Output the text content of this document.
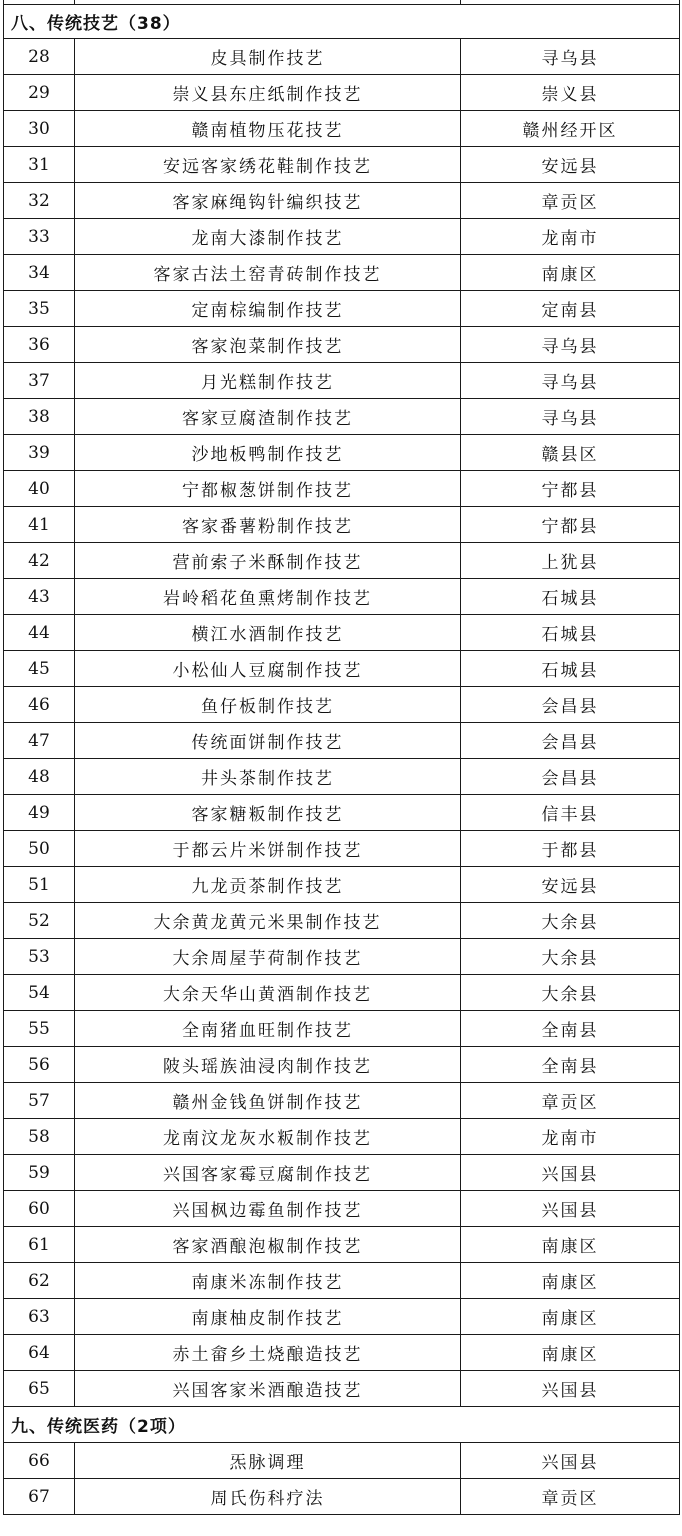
八、传统技艺（38）		
28	皮具制作技艺	寻乌县
29	崇义县东庄纸制作技艺	崇义县
30	赣南植物压花技艺	赣州经开区
31	安远客家绣花鞋制作技艺	安远县
32	客家麻绳钩针编织技艺	章贡区
33	龙南大漆制作技艺	龙南市
34	客家古法土窑青砖制作技艺	南康区
35	定南棕编制作技艺	定南县
36	客家泡菜制作技艺	寻乌县
37	月光糕制作技艺	寻乌县
38	客家豆腐渣制作技艺	寻乌县
39	沙地板鸭制作技艺	赣县区
40	宁都椒葱饼制作技艺	宁都县
41	客家番薯粉制作技艺	宁都县
42	营前索子米酥制作技艺	上犹县
43	岩岭稻花鱼熏烤制作技艺	石城县
44	横江水酒制作技艺	石城县
45	小松仙人豆腐制作技艺	石城县
46	鱼仔板制作技艺	会昌县
47	传统面饼制作技艺	会昌县
48	井头茶制作技艺	会昌县
49	客家糖粄制作技艺	信丰县
50	于都云片米饼制作技艺	于都县
51	九龙贡茶制作技艺	安远县
52	大余黄龙黄元米果制作技艺	大余县
53	大余周屋芋荷制作技艺	大余县
54	大余天华山黄酒制作技艺	大余县
55	全南猪血旺制作技艺	全南县
56	陂头瑶族油浸肉制作技艺	全南县
57	赣州金钱鱼饼制作技艺	章贡区
58	龙南汶龙灰水粄制作技艺	龙南市
59	兴国客家霉豆腐制作技艺	兴国县
60	兴国枫边霉鱼制作技艺	兴国县
61	客家酒酿泡椒制作技艺	南康区
62	南康米冻制作技艺	南康区
63	南康柚皮制作技艺	南康区
64	赤土畲乡土烧酿造技艺	南康区
65	兴国客家米酒酿造技艺	兴国县
九、传统医药（2项）		
66	炁脉调理	兴国县
67	周氏伤科疗法	章贡区
